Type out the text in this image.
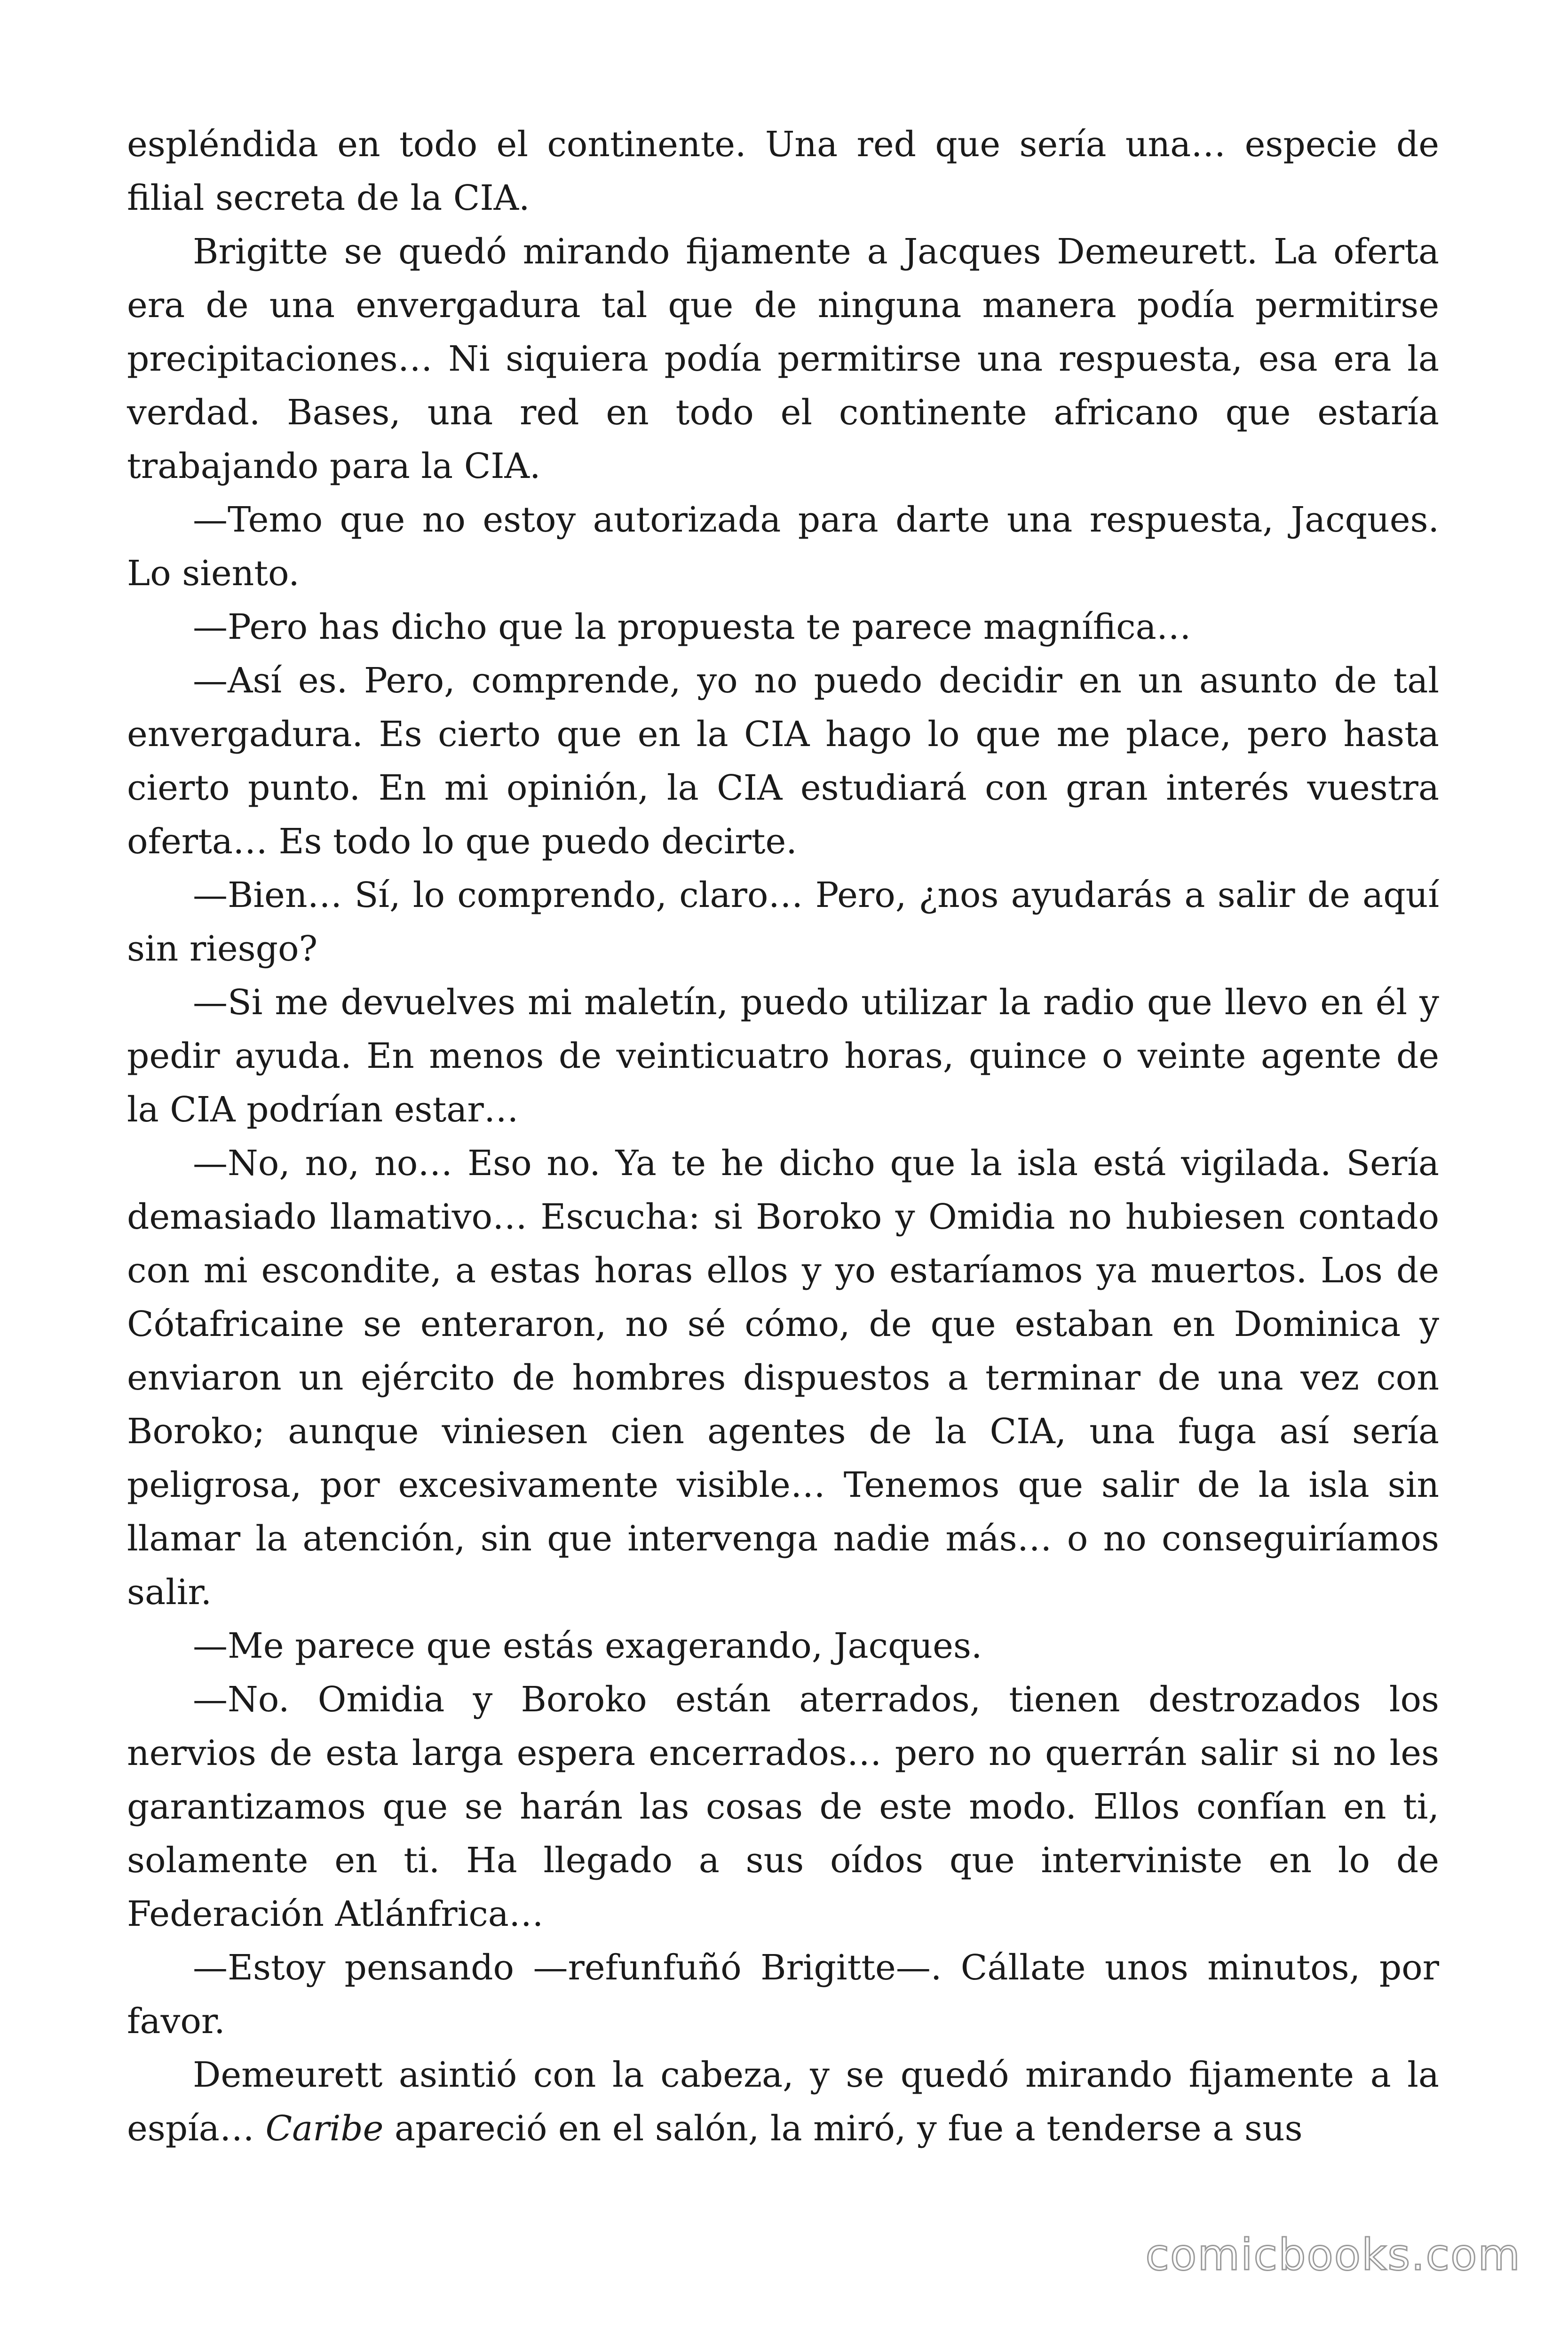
espléndida en todo el continente. Una red que sería una… especie de filial secreta de la CIA.

Brigitte se quedó mirando fijamente a Jacques Demeurett. La oferta era de una envergadura tal que de ninguna manera podía permitirse precipitaciones… Ni siquiera podía permitirse una respuesta, esa era la verdad. Bases, una red en todo el continente africano que estaría trabajando para la CIA.

—Temo que no estoy autorizada para darte una respuesta, Jacques. Lo siento.

—Pero has dicho que la propuesta te parece magnífica…

—Así es. Pero, comprende, yo no puedo decidir en un asunto de tal envergadura. Es cierto que en la CIA hago lo que me place, pero hasta cierto punto. En mi opinión, la CIA estudiará con gran interés vuestra oferta… Es todo lo que puedo decirte.

—Bien… Sí, lo comprendo, claro… Pero, ¿nos ayudarás a salir de aquí sin riesgo?

—Si me devuelves mi maletín, puedo utilizar la radio que llevo en él y pedir ayuda. En menos de veinticuatro horas, quince o veinte agente de la CIA podrían estar…

—No, no, no… Eso no. Ya te he dicho que la isla está vigilada. Sería demasiado llamativo… Escucha: si Boroko y Omidia no hubiesen contado con mi escondite, a estas horas ellos y yo estaríamos ya muertos. Los de Cótafricaine se enteraron, no sé cómo, de que estaban en Dominica y enviaron un ejército de hombres dispuestos a terminar de una vez con Boroko; aunque viniesen cien agentes de la CIA, una fuga así sería peligrosa, por excesivamente visible… Tenemos que salir de la isla sin llamar la atención, sin que intervenga nadie más… o no conseguiríamos salir.

—Me parece que estás exagerando, Jacques.

—No. Omidia y Boroko están aterrados, tienen destrozados los nervios de esta larga espera encerrados… pero no querrán salir si no les garantizamos que se harán las cosas de este modo. Ellos confían en ti, solamente en ti. Ha llegado a sus oídos que interviniste en lo de Federación Atlánfrica…

—Estoy pensando —refunfuñó Brigitte—. Cállate unos minutos, por favor.

Demeurett asintió con la cabeza, y se quedó mirando fijamente a la espía… Caribe apareció en el salón, la miró, y fue a tenderse a sus

comicbooks.com
